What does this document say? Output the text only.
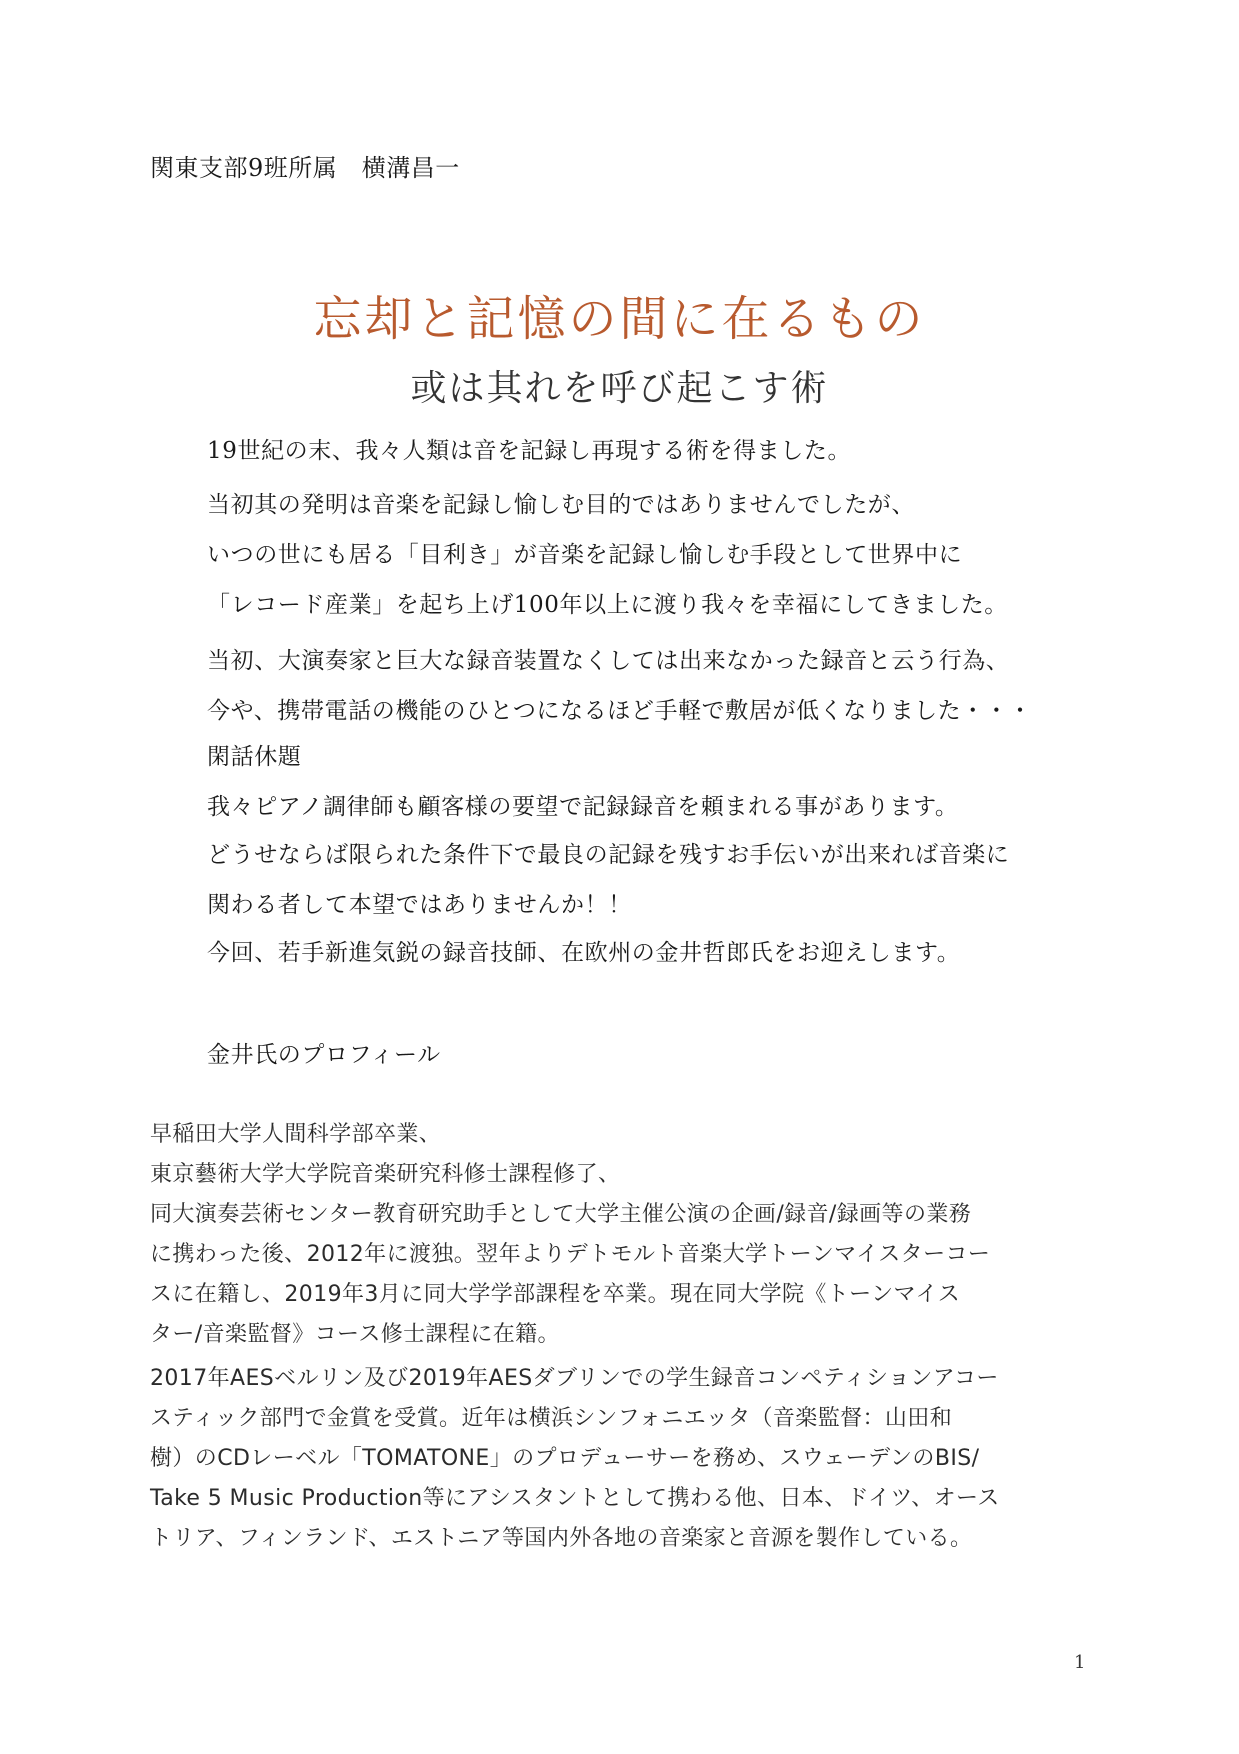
関東支部9班所属　横溝昌一
忘却と記憶の間に在るもの
或は其れを呼び起こす術
19世紀の末、我々人類は音を記録し再現する術を得ました。
当初其の発明は音楽を記録し愉しむ目的ではありませんでしたが、
いつの世にも居る「目利き」が音楽を記録し愉しむ手段として世界中に
「レコード産業」を起ち上げ100年以上に渡り我々を幸福にしてきました。
当初、大演奏家と巨大な録音装置なくしては出来なかった録音と云う行為、
今や、携帯電話の機能のひとつになるほど手軽で敷居が低くなりました・・・
閑話休題
我々ピアノ調律師も顧客様の要望で記録録音を頼まれる事があります。
どうせならば限られた条件下で最良の記録を残すお手伝いが出来れば音楽に
関わる者して本望ではありませんか！！
今回、若手新進気鋭の録音技師、在欧州の金井哲郎氏をお迎えします。
金井氏のプロフィール
早稲田大学人間科学部卒業、
東京藝術大学大学院音楽研究科修士課程修了、
同大演奏芸術センター教育研究助手として大学主催公演の企画/録音/録画等の業務
に携わった後、2012年に渡独。翌年よりデトモルト音楽大学トーンマイスターコー
スに在籍し、2019年3月に同大学学部課程を卒業。現在同大学院《トーンマイス
ター/音楽監督》コース修士課程に在籍。
2017年AESベルリン及び2019年AESダブリンでの学生録音コンペティションアコー
スティック部門で金賞を受賞。近年は横浜シンフォニエッタ（音楽監督：山田和
樹）のCDレーベル「TOMATONE」のプロデューサーを務め、スウェーデンのBIS/
Take 5 Music Production等にアシスタントとして携わる他、日本、ドイツ、オース
トリア、フィンランド、エストニア等国内外各地の音楽家と音源を製作している。
1
